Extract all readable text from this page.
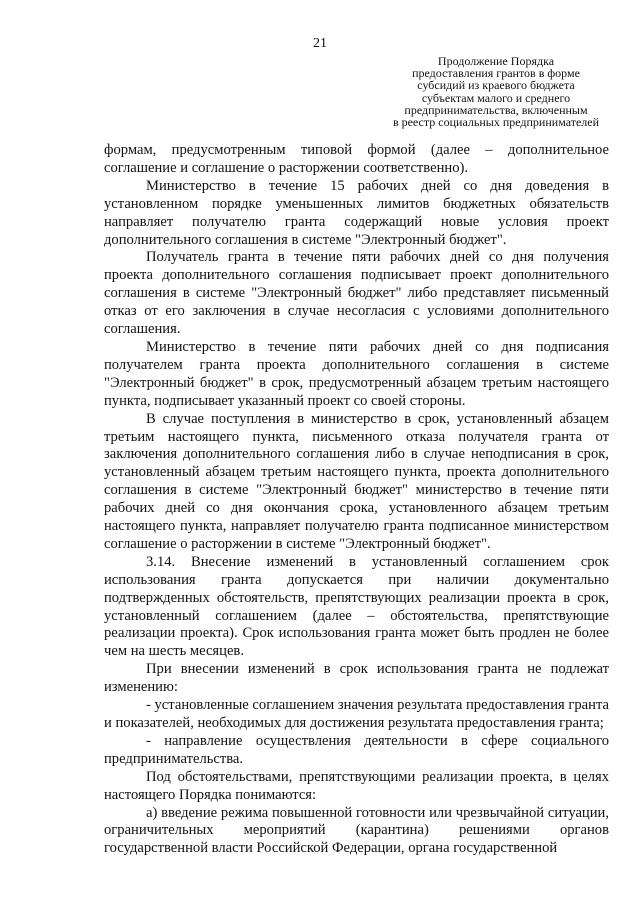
21
Продолжение Порядка
предоставления грантов в форме
субсидий из краевого бюджета
субъектам малого и среднего
предпринимательства, включенным
в реестр социальных предпринимателей

формам, предусмотренным типовой формой (далее – дополнительное соглашение и соглашение о расторжении соответственно).

Министерство в течение 15 рабочих дней со дня доведения в установленном порядке уменьшенных лимитов бюджетных обязательств направляет получателю гранта содержащий новые условия проект дополнительного соглашения в системе "Электронный бюджет".

Получатель гранта в течение пяти рабочих дней со дня получения проекта дополнительного соглашения подписывает проект дополнительного соглашения в системе "Электронный бюджет" либо представляет письменный отказ от его заключения в случае несогласия с условиями дополнительного соглашения.

Министерство в течение пяти рабочих дней со дня подписания получателем гранта проекта дополнительного соглашения в системе "Электронный бюджет" в срок, предусмотренный абзацем третьим настоящего пункта, подписывает указанный проект со своей стороны.

В случае поступления в министерство в срок, установленный абзацем третьим настоящего пункта, письменного отказа получателя гранта от заключения дополнительного соглашения либо в случае неподписания в срок, установленный абзацем третьим настоящего пункта, проекта дополнительного соглашения в системе "Электронный бюджет" министерство в течение пяти рабочих дней со дня окончания срока, установленного абзацем третьим настоящего пункта, направляет получателю гранта подписанное министерством соглашение о расторжении в системе "Электронный бюджет".

3.14. Внесение изменений в установленный соглашением срок использования гранта допускается при наличии документально подтвержденных обстоятельств, препятствующих реализации проекта в срок, установленный соглашением (далее – обстоятельства, препятствующие реализации проекта). Срок использования гранта может быть продлен не более чем на шесть месяцев.

При внесении изменений в срок использования гранта не подлежат изменению:

- установленные соглашением значения результата предоставления гранта и показателей, необходимых для достижения результата предоставления гранта;

- направление осуществления деятельности в сфере социального предпринимательства.

Под обстоятельствами, препятствующими реализации проекта, в целях настоящего Порядка понимаются:

а) введение режима повышенной готовности или чрезвычайной ситуации, ограничительных мероприятий (карантина) решениями органов государственной власти Российской Федерации, органа государственной
